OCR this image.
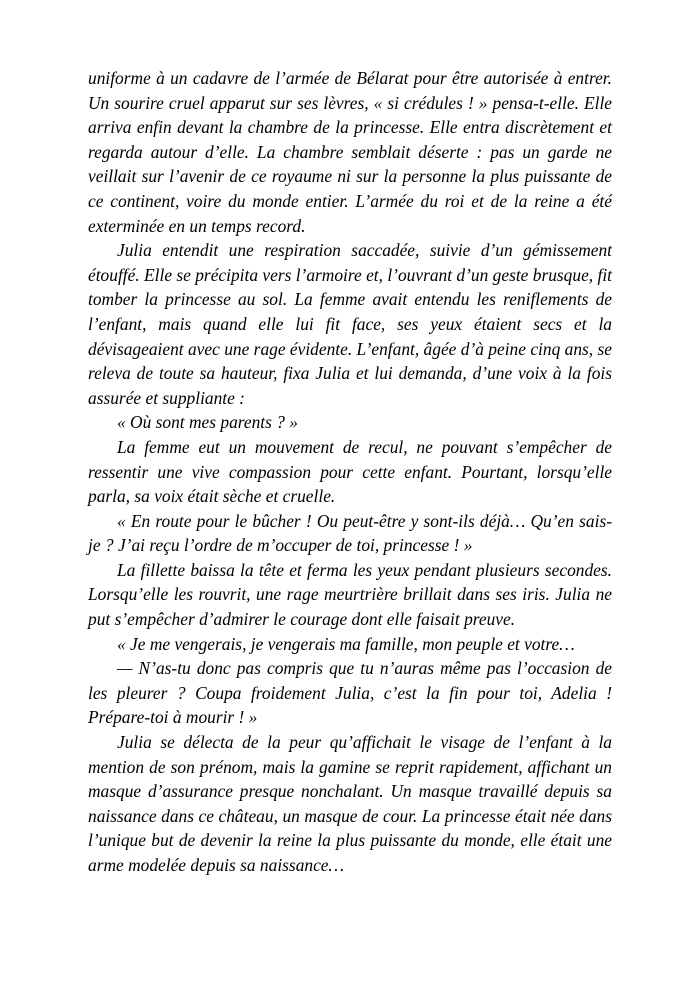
uniforme à un cadavre de l’armée de Bélarat pour être autorisée à entrer. Un sourire cruel apparut sur ses lèvres, « si crédules ! » pensa-t-elle. Elle arriva enfin devant la chambre de la princesse. Elle entra discrètement et regarda autour d’elle. La chambre semblait déserte : pas un garde ne veillait sur l’avenir de ce royaume ni sur la personne la plus puissante de ce continent, voire du monde entier. L’armée du roi et de la reine a été exterminée en un temps record.

Julia entendit une respiration saccadée, suivie d’un gémissement étouffé. Elle se précipita vers l’armoire et, l’ouvrant d’un geste brusque, fit tomber la princesse au sol. La femme avait entendu les reniflements de l’enfant, mais quand elle lui fit face, ses yeux étaient secs et la dévisageaient avec une rage évidente. L’enfant, âgée d’à peine cinq ans, se releva de toute sa hauteur, fixa Julia et lui demanda, d’une voix à la fois assurée et suppliante :

« Où sont mes parents ? »

La femme eut un mouvement de recul, ne pouvant s’empêcher de ressentir une vive compassion pour cette enfant. Pourtant, lorsqu’elle parla, sa voix était sèche et cruelle.

« En route pour le bûcher ! Ou peut-être y sont-ils déjà… Qu’en sais-je ? J’ai reçu l’ordre de m’occuper de toi, princesse ! »

La fillette baissa la tête et ferma les yeux pendant plusieurs secondes. Lorsqu’elle les rouvrit, une rage meurtrière brillait dans ses iris. Julia ne put s’empêcher d’admirer le courage dont elle faisait preuve.

« Je me vengerais, je vengerais ma famille, mon peuple et votre…

— N’as-tu donc pas compris que tu n’auras même pas l’occasion de les pleurer ? Coupa froidement Julia, c’est la fin pour toi, Adelia ! Prépare-toi à mourir ! »

Julia se délecta de la peur qu’affichait le visage de l’enfant à la mention de son prénom, mais la gamine se reprit rapidement, affichant un masque d’assurance presque nonchalant. Un masque travaillé depuis sa naissance dans ce château, un masque de cour. La princesse était née dans l’unique but de devenir la reine la plus puissante du monde, elle était une arme modelée depuis sa naissance…
